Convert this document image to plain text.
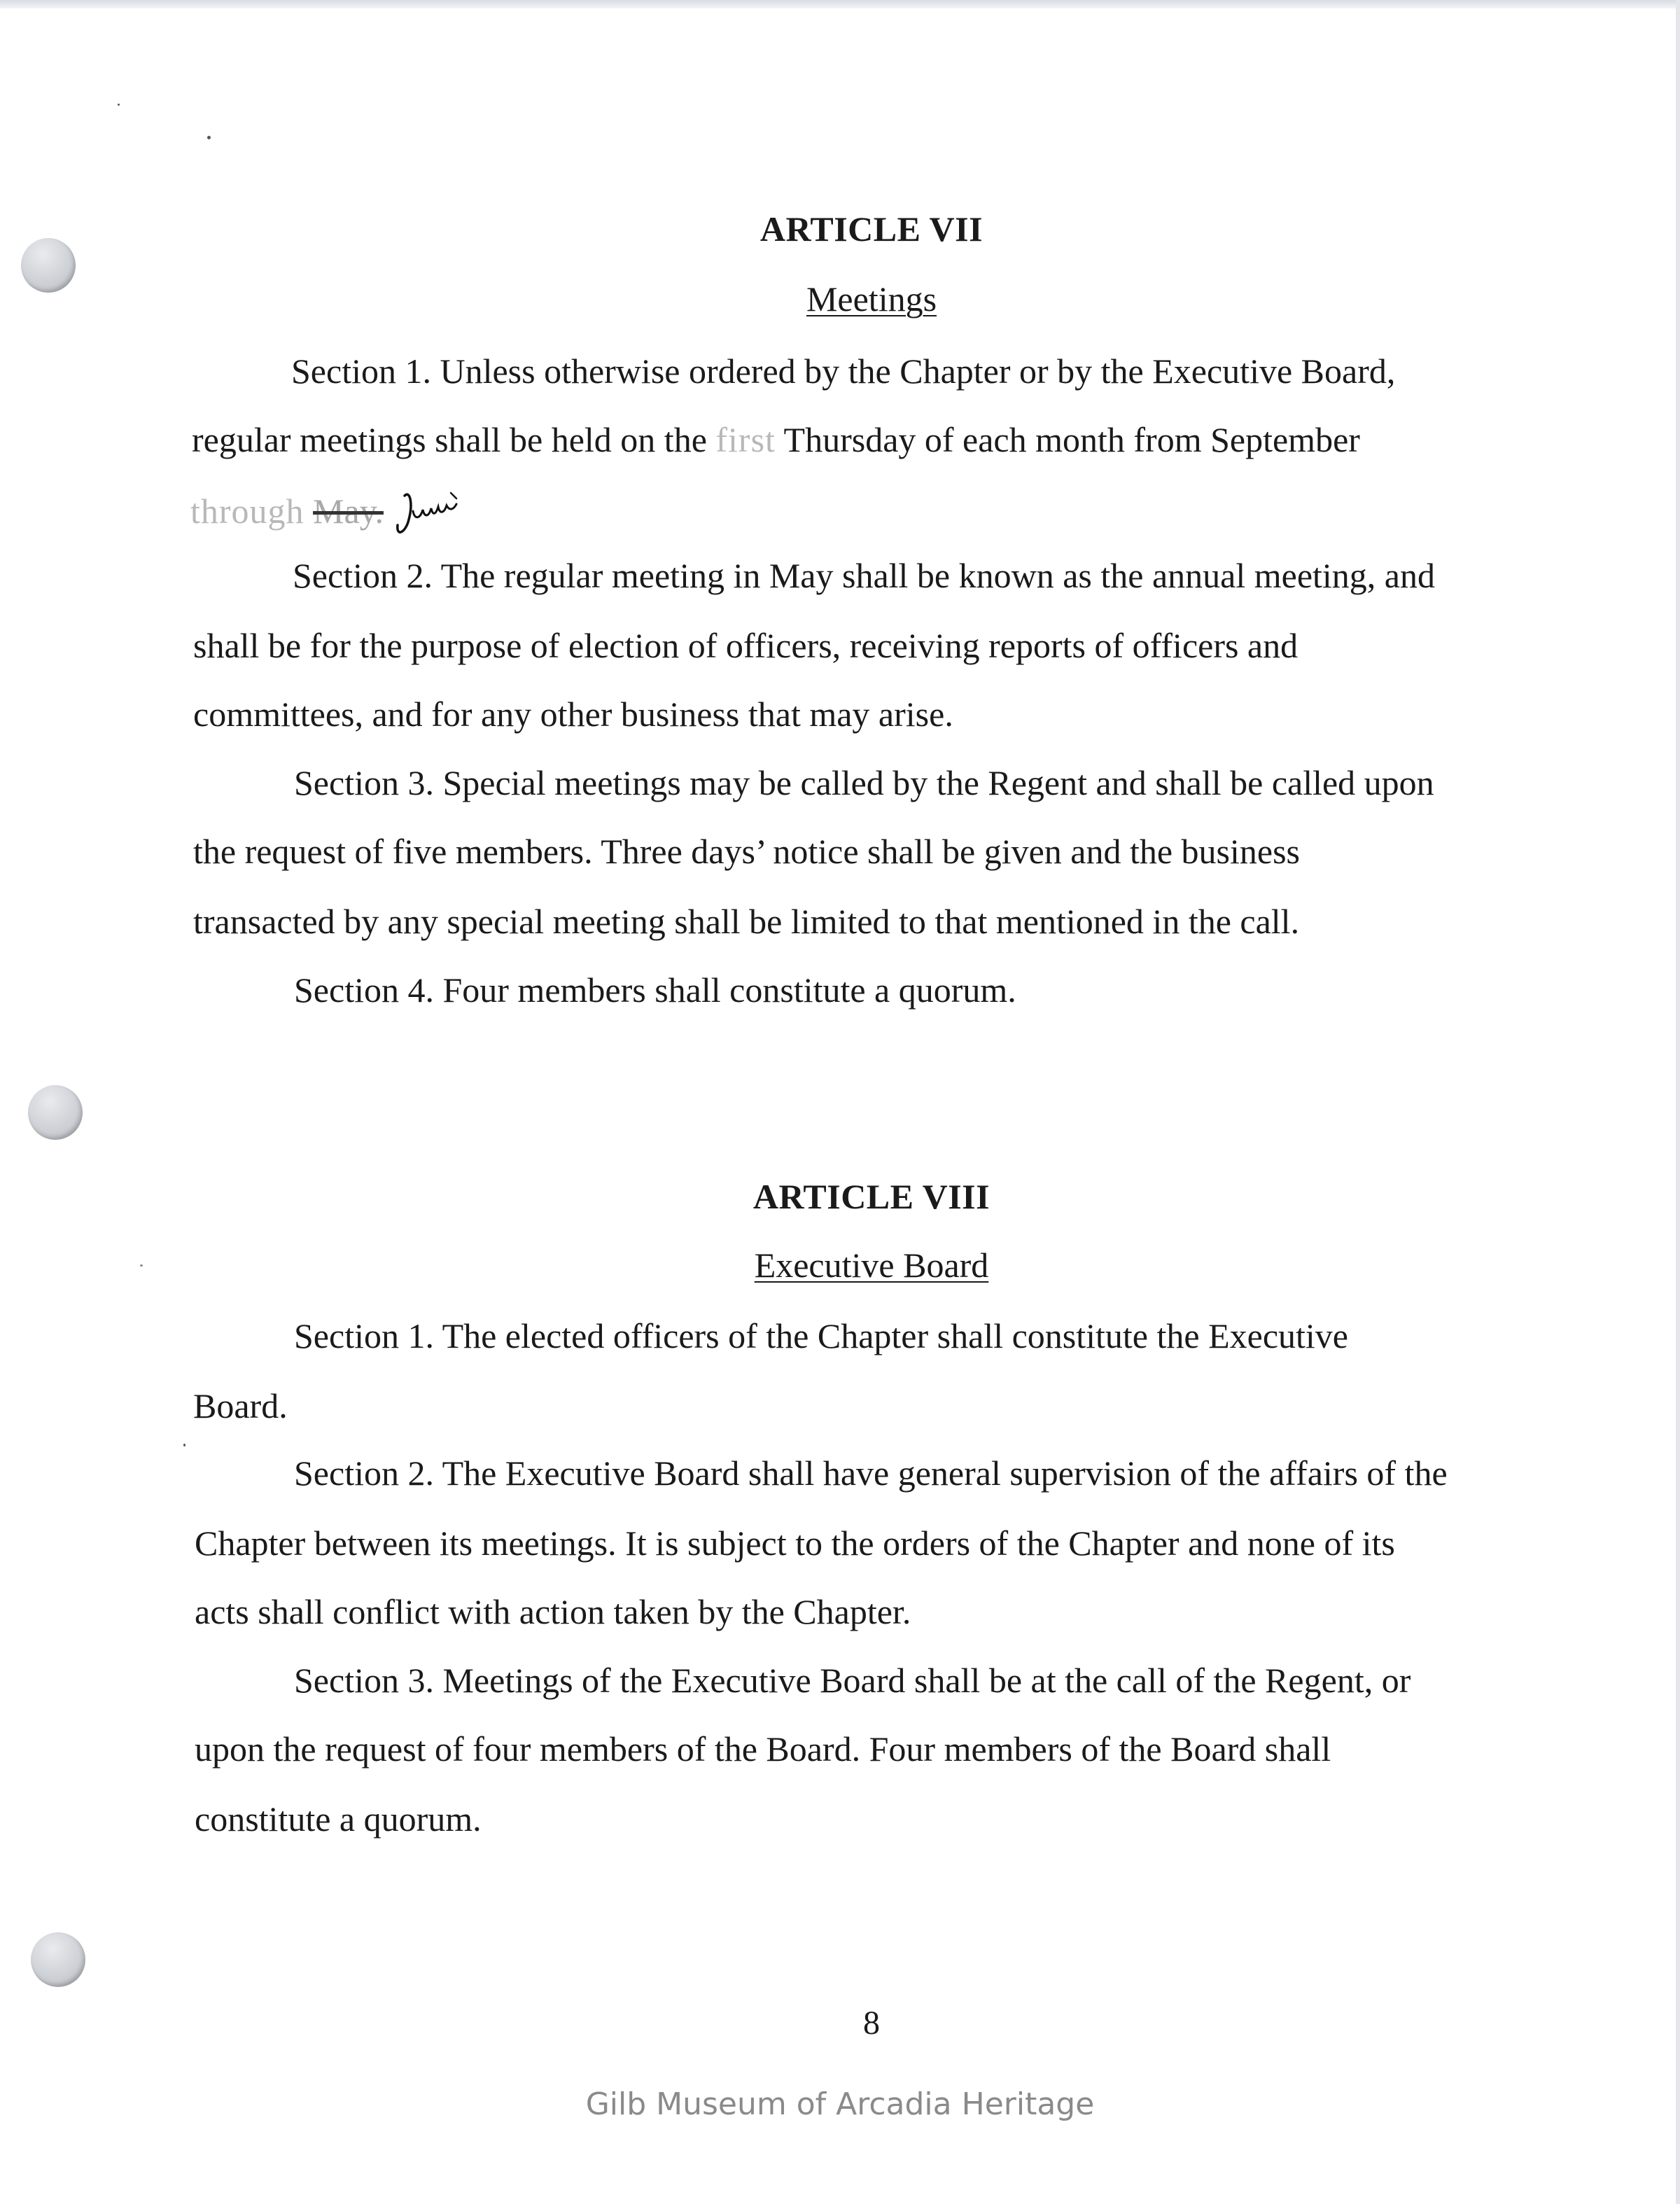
ARTICLE VII
Meetings
Section 1. Unless otherwise ordered by the Chapter or by the Executive Board,
regular meetings shall be held on the first Thursday of each month from September
through May.
Section 2. The regular meeting in May shall be known as the annual meeting, and
shall be for the purpose of election of officers, receiving reports of officers and
committees, and for any other business that may arise.
Section 3. Special meetings may be called by the Regent and shall be called upon
the request of five members. Three days’ notice shall be given and the business
transacted by any special meeting shall be limited to that mentioned in the call.
Section 4. Four members shall constitute a quorum.
ARTICLE VIII
Executive Board
Section 1. The elected officers of the Chapter shall constitute the Executive
Board.
Section 2. The Executive Board shall have general supervision of the affairs of the
Chapter between its meetings. It is subject to the orders of the Chapter and none of its
acts shall conflict with action taken by the Chapter.
Section 3. Meetings of the Executive Board shall be at the call of the Regent, or
upon the request of four members of the Board. Four members of the Board shall
constitute a quorum.
8
Gilb Museum of Arcadia Heritage
